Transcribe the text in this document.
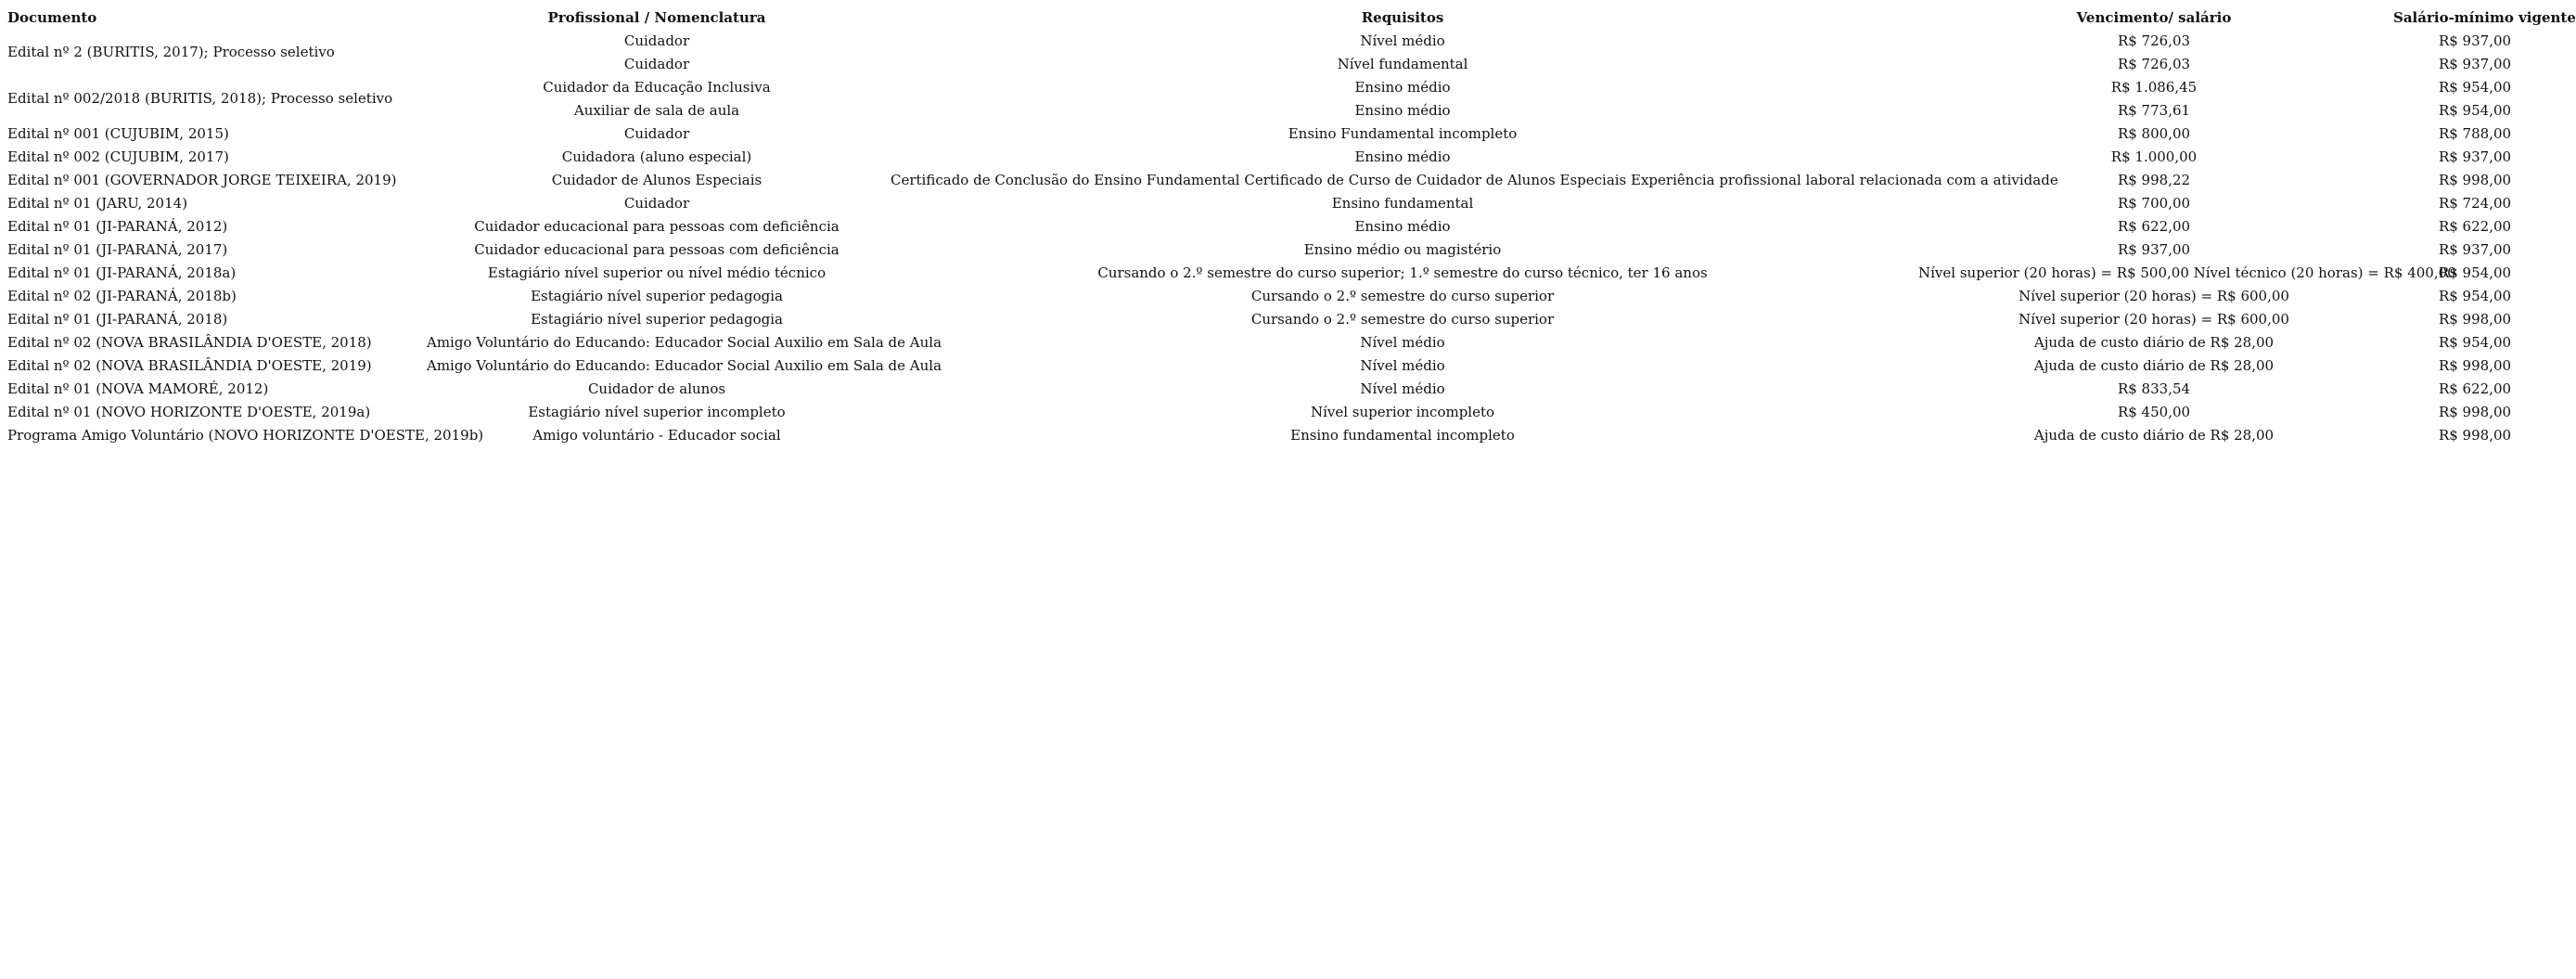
Documento	Profissional / Nomenclatura	Requisitos	Vencimento/ salário	Salário-mínimo vigente
Edital nº 2 (BURITIS, 2017); Processo seletivo	Cuidador	Nível médio	R$ 726,03	R$ 937,00
	Cuidador	Nível fundamental	R$ 726,03	R$ 937,00
Edital nº 002/2018 (BURITIS, 2018); Processo seletivo	Cuidador da Educação Inclusiva	Ensino médio	R$ 1.086,45	R$ 954,00
	Auxiliar de sala de aula	Ensino médio	R$ 773,61	R$ 954,00
Edital nº 001 (CUJUBIM, 2015)	Cuidador	Ensino Fundamental incompleto	R$ 800,00	R$ 788,00
Edital nº 002 (CUJUBIM, 2017)	Cuidadora (aluno especial)	Ensino médio	R$ 1.000,00	R$ 937,00
Edital nº 001 (GOVERNADOR JORGE TEIXEIRA, 2019)	Cuidador de Alunos Especiais	Certificado de Conclusão do Ensino Fundamental Certificado de Curso de Cuidador de Alunos Especiais Experiência profissional laboral relacionada com a atividade	R$ 998,22	R$ 998,00
Edital nº 01 (JARU, 2014)	Cuidador	Ensino fundamental	R$ 700,00	R$ 724,00
Edital nº 01 (JI-PARANÁ, 2012)	Cuidador educacional para pessoas com deficiência	Ensino médio	R$ 622,00	R$ 622,00
Edital nº 01 (JI-PARANÁ, 2017)	Cuidador educacional para pessoas com deficiência	Ensino médio ou magistério	R$ 937,00	R$ 937,00
Edital nº 01 (JI-PARANÁ, 2018a)	Estagiário nível superior ou nível médio técnico	Cursando o 2.º semestre do curso superior; 1.º semestre do curso técnico, ter 16 anos	Nível superior (20 horas) = R$ 500,00 Nível técnico (20 horas) = R$ 400,00	R$ 954,00
Edital nº 02 (JI-PARANÁ, 2018b)	Estagiário nível superior pedagogia	Cursando o 2.º semestre do curso superior	Nível superior (20 horas) = R$ 600,00	R$ 954,00
Edital nº 01 (JI-PARANÁ, 2018)	Estagiário nível superior pedagogia	Cursando o 2.º semestre do curso superior	Nível superior (20 horas) = R$ 600,00	R$ 998,00
Edital nº 02 (NOVA BRASILÂNDIA D'OESTE, 2018)	Amigo Voluntário do Educando: Educador Social Auxilio em Sala de Aula	Nível médio	Ajuda de custo diário de R$ 28,00	R$ 954,00
Edital nº 02 (NOVA BRASILÂNDIA D'OESTE, 2019)	Amigo Voluntário do Educando: Educador Social Auxilio em Sala de Aula	Nível médio	Ajuda de custo diário de R$ 28,00	R$ 998,00
Edital nº 01 (NOVA MAMORÉ, 2012)	Cuidador de alunos	Nível médio	R$ 833,54	R$ 622,00
Edital nº 01 (NOVO HORIZONTE D'OESTE, 2019a)	Estagiário nível superior incompleto	Nível superior incompleto	R$ 450,00	R$ 998,00
Programa Amigo Voluntário (NOVO HORIZONTE D'OESTE, 2019b)	Amigo voluntário - Educador social	Ensino fundamental incompleto	Ajuda de custo diário de R$ 28,00	R$ 998,00
